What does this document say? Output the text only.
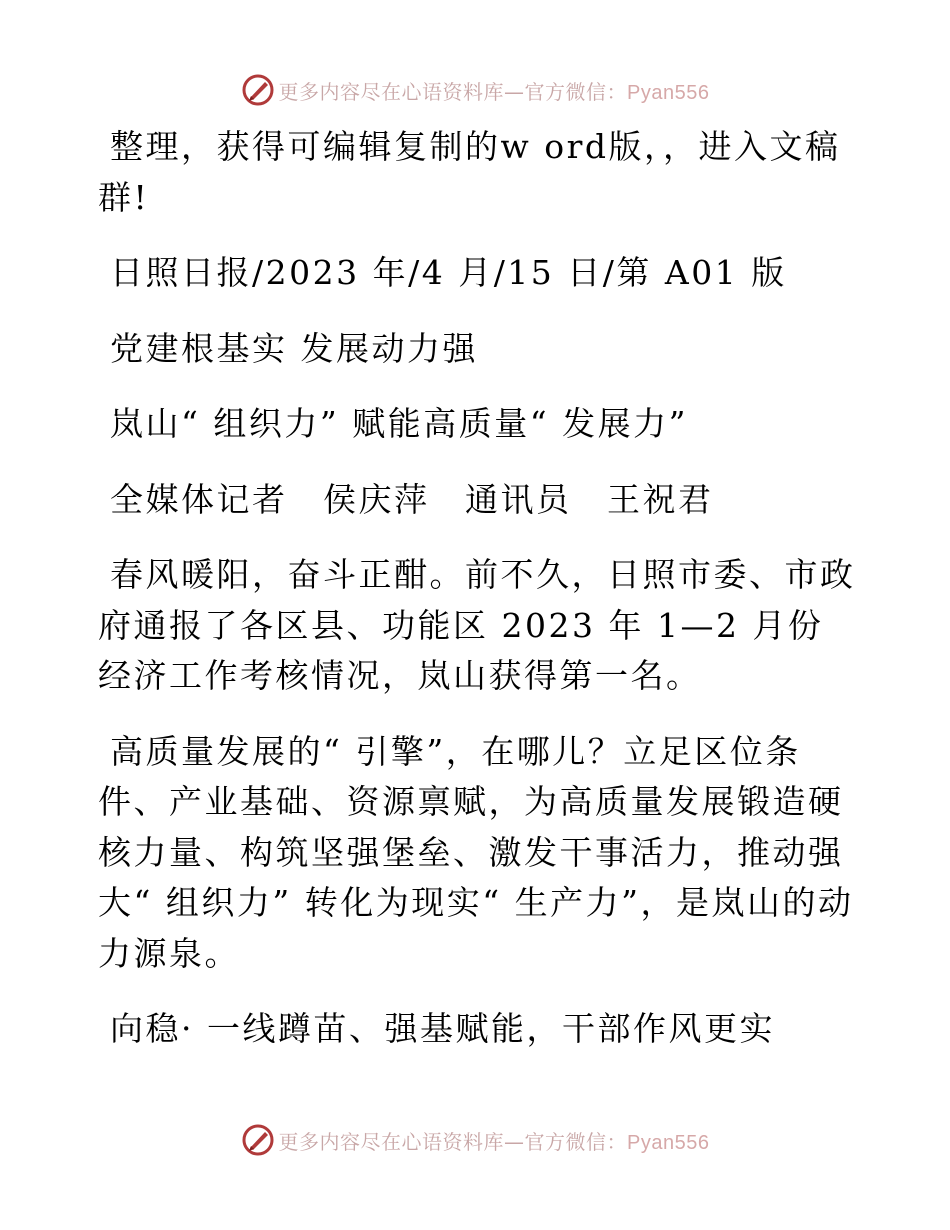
更多内容尽在心语资料库—官方微信：Pyan556

整理，获得可编辑复制的w ord版，，进入文稿群!

日照日报/2023 年/4 月/15 日/第 A01 版

党建根基实 发展动力强

岚山“ 组织力” 赋能高质量“ 发展力”

全媒体记者　侯庆萍　通讯员　王祝君

春风暖阳，奋斗正酣。前不久，日照市委、市政府通报了各区县、功能区 2023 年 1—2 月份经济工作考核情况，岚山获得第一名。

高质量发展的“ 引擎”，在哪儿？立足区位条件、产业基础、资源禀赋，为高质量发展锻造硬核力量、构筑坚强堡垒、激发干事活力，推动强大“ 组织力” 转化为现实“ 生产力”，是岚山的动力源泉。

向稳· 一线蹲苗、强基赋能，干部作风更实

更多内容尽在心语资料库—官方微信：Pyan556
